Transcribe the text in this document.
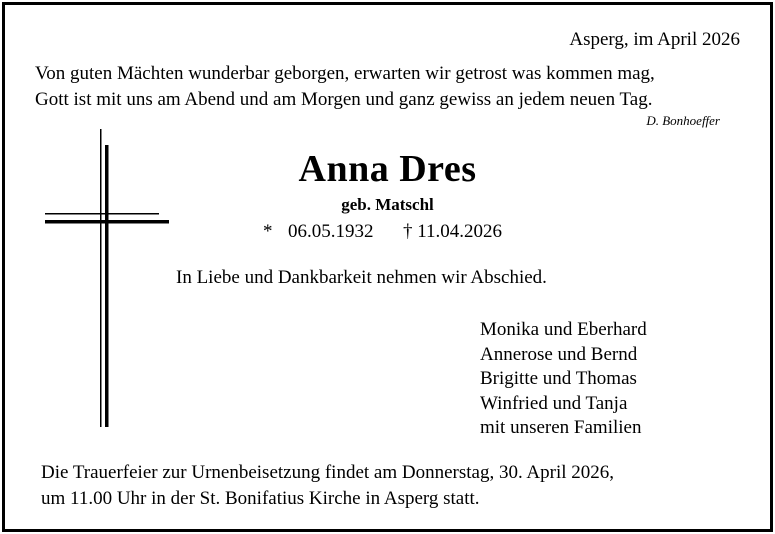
Asperg, im April 2026
Von guten Mächten wunderbar geborgen, erwarten wir getrost was kommen mag,
Gott ist mit uns am Abend und am Morgen und ganz gewiss an jedem neuen Tag.
D. Bonhoeffer
Anna Dres
geb. Matschl
* 06.05.1932 † 11.04.2026
In Liebe und Dankbarkeit nehmen wir Abschied.
Monika und Eberhard
Annerose und Bernd
Brigitte und Thomas
Winfried und Tanja
mit unseren Familien
Die Trauerfeier zur Urnenbeisetzung findet am Donnerstag, 30. April 2026,
um 11.00 Uhr in der St. Bonifatius Kirche in Asperg statt.
